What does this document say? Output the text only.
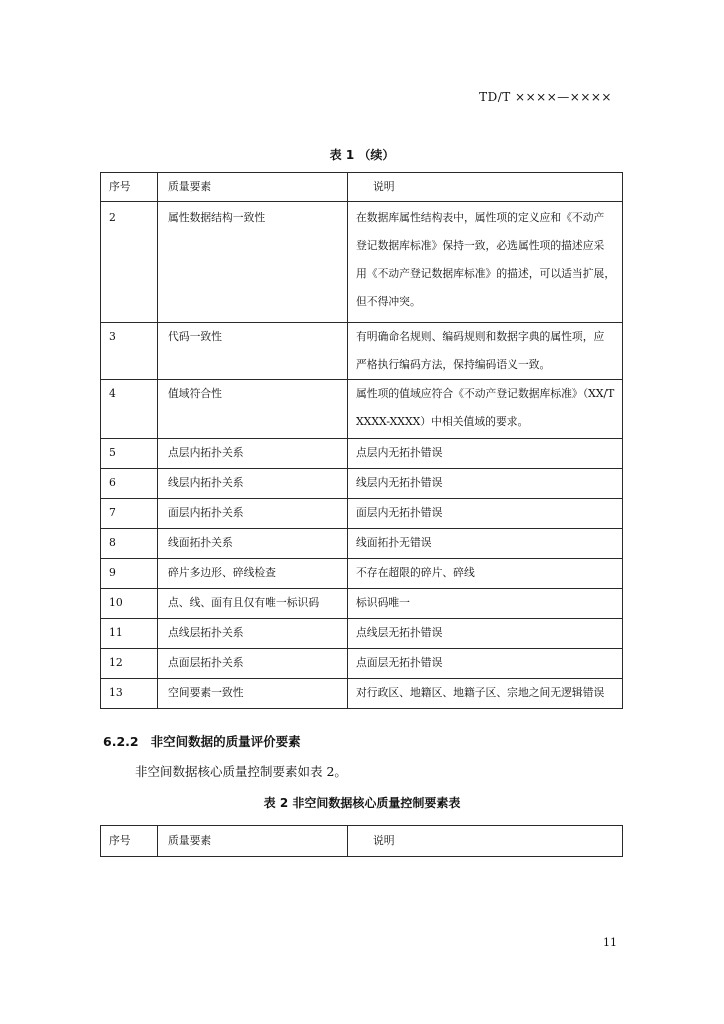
TD/T ××××—××××
表 1 （续）
序号	质量要素	说明
2	属性数据结构一致性	在数据库属性结构表中，属性项的定义应和《不动产
登记数据库标准》保持一致，必选属性项的描述应采
用《不动产登记数据库标准》的描述，可以适当扩展，
但不得冲突。

3	代码一致性	有明确命名规则、编码规则和数据字典的属性项，应
严格执行编码方法，保持编码语义一致。

4	值域符合性	属性项的值域应符合《不动产登记数据库标准》（XX/T
XXXX-XXXX）中相关值域的要求。

5	点层内拓扑关系	点层内无拓扑错误
6	线层内拓扑关系	线层内无拓扑错误
7	面层内拓扑关系	面层内无拓扑错误
8	线面拓扑关系	线面拓扑无错误
9	碎片多边形、碎线检查	不存在超限的碎片、碎线
10	点、线、面有且仅有唯一标识码	标识码唯一
11	点线层拓扑关系	点线层无拓扑错误
12	点面层拓扑关系	点面层无拓扑错误
13	空间要素一致性	对行政区、地籍区、地籍子区、宗地之间无逻辑错误
6.2.2 非空间数据的质量评价要素
非空间数据核心质量控制要素如表 2。
表 2 非空间数据核心质量控制要素表
序号	质量要素	说明
11
